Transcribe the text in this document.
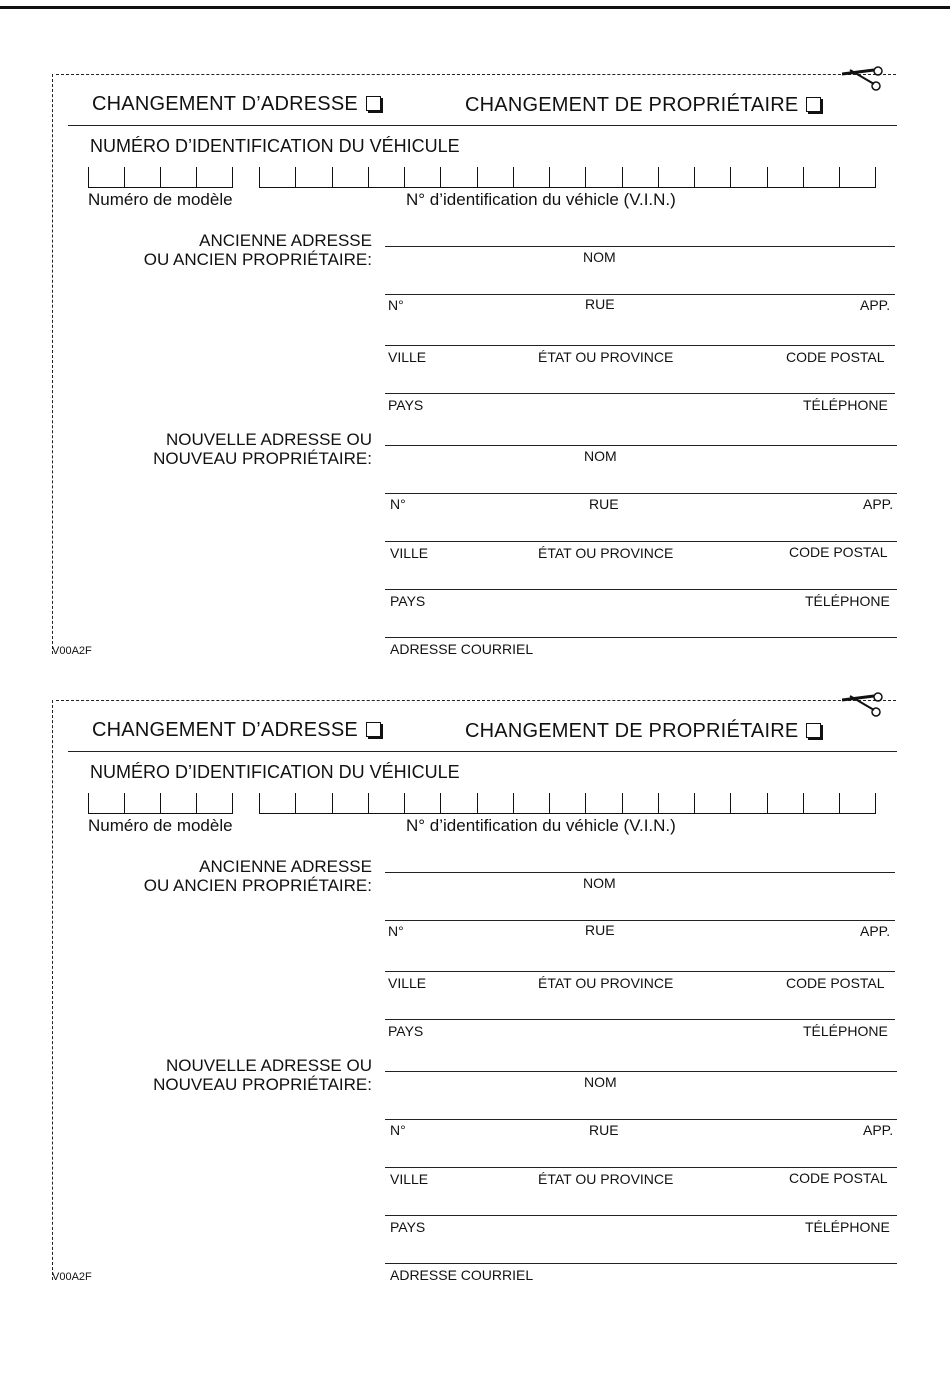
CHANGEMENT D’ADRESSE	CHANGEMENT DE PROPRIÉTAIRE
NUMÉRO D’IDENTIFICATION DU VÉHICULE
Numéro de modèle	N° d’identification du véhicle (V.I.N.)
ANCIENNE ADRESSE
OU ANCIEN PROPRIÉTAIRE:	NOM
N°	RUE	APP.
VILLE	ÉTAT OU PROVINCE	CODE POSTAL
PAYS	TÉLÉPHONE
NOUVELLE ADRESSE OU
NOUVEAU PROPRIÉTAIRE:	NOM
N°	RUE	APP.
VILLE	ÉTAT OU PROVINCE	CODE POSTAL
PAYS	TÉLÉPHONE
ADRESSE COURRIEL
V00A2F
CHANGEMENT D’ADRESSE	CHANGEMENT DE PROPRIÉTAIRE
NUMÉRO D’IDENTIFICATION DU VÉHICULE
Numéro de modèle	N° d’identification du véhicle (V.I.N.)
ANCIENNE ADRESSE
OU ANCIEN PROPRIÉTAIRE:	NOM
N°	RUE	APP.
VILLE	ÉTAT OU PROVINCE	CODE POSTAL
PAYS	TÉLÉPHONE
NOUVELLE ADRESSE OU
NOUVEAU PROPRIÉTAIRE:	NOM
N°	RUE	APP.
VILLE	ÉTAT OU PROVINCE	CODE POSTAL
PAYS	TÉLÉPHONE
ADRESSE COURRIEL
V00A2F
